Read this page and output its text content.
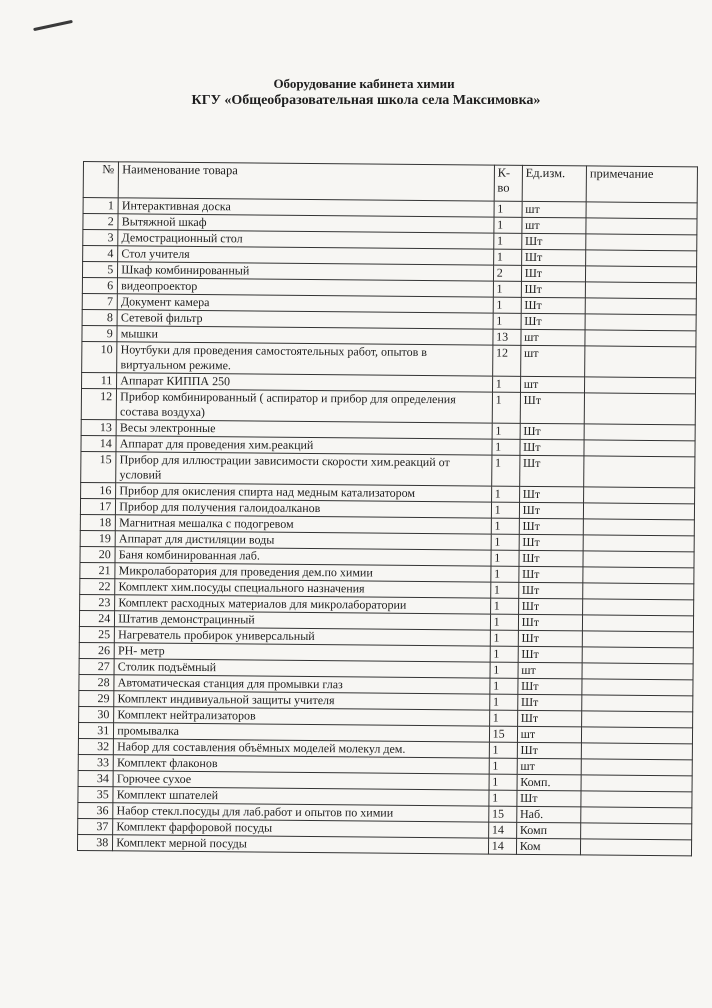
Оборудование кабинета химии
КГУ «Общеобразовательная школа села Максимовка»
№	Наименование товара	К-во	Ед.изм.	примечание
1	Интерактивная доска	1	шт	
2	Вытяжной шкаф	1	шт	
3	Демострационный стол	1	Шт	
4	Стол учителя	1	Шт	
5	Шкаф комбинированный	2	Шт	
6	видеопроектор	1	Шт	
7	Документ камера	1	Шт	
8	Сетевой фильтр	1	Шт	
9	мышки	13	шт	
10	Ноутбуки для проведения самостоятельных работ, опытов в виртуальном режиме.	12	шт	
11	Аппарат КИППА 250	1	шт	
12	Прибор комбинированный ( аспиратор и прибор для определения состава воздуха)	1	Шт	
13	Весы электронные	1	Шт	
14	Аппарат для проведения хим.реакций	1	Шт	
15	Прибор для иллюстрации зависимости скорости хим.реакций от условий	1	Шт	
16	Прибор для окисления спирта над медным катализатором	1	Шт	
17	Прибор для получения галоидоалканов	1	Шт	
18	Магнитная мешалка с подогревом	1	Шт	
19	Аппарат для дистиляции воды	1	Шт	
20	Баня комбинированная лаб.	1	Шт	
21	Микролаборатория для проведения дем.по химии	1	Шт	
22	Комплект хим.посуды специального назначения	1	Шт	
23	Комплект расходных материалов для микролаборатории	1	Шт	
24	Штатив демонстрацинный	1	Шт	
25	Нагреватель пробирок универсальный	1	Шт	
26	PH- метр	1	Шт	
27	Столик подъёмный	1	шт	
28	Автоматическая станция для промывки глаз	1	Шт	
29	Комплект индивиуальной защиты учителя	1	Шт	
30	Комплект нейтрализаторов	1	Шт	
31	промывалка	15	шт	
32	Набор для составления объёмных моделей молекул дем.	1	Шт	
33	Комплект флаконов	1	шт	
34	Горючее сухое	1	Комп.	
35	Комплект шпателей	1	Шт	
36	Набор стекл.посуды для лаб.работ и опытов по химии	15	Наб.	
37	Комплект фарфоровой посуды	14	Комп	
38	Комплект мерной посуды	14	Ком	
